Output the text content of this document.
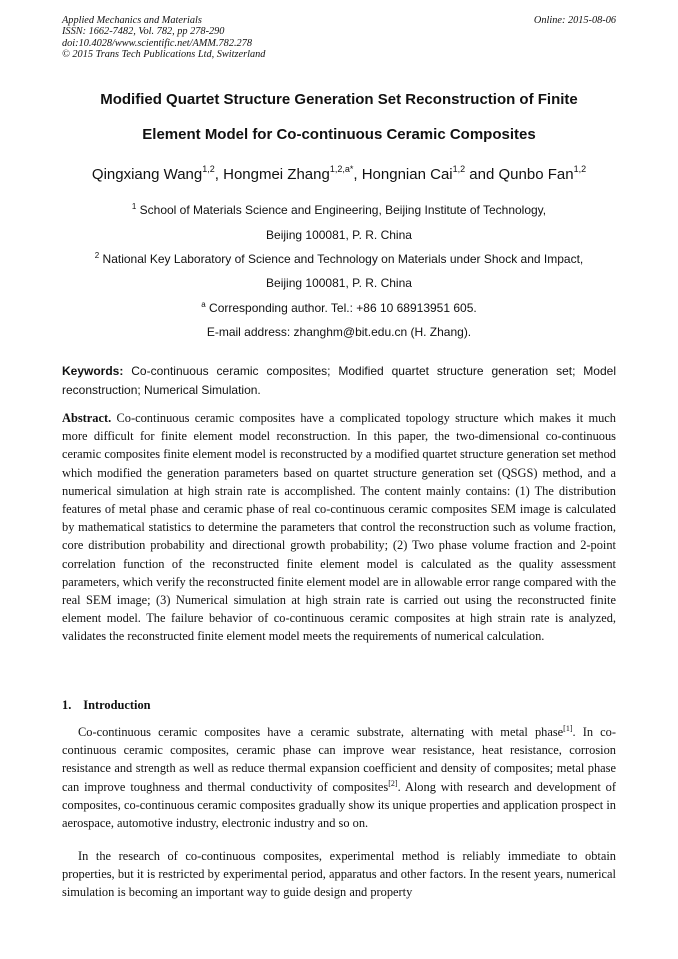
Applied Mechanics and Materials
ISSN: 1662-7482, Vol. 782, pp 278-290
doi:10.4028/www.scientific.net/AMM.782.278
© 2015 Trans Tech Publications Ltd, Switzerland
Online: 2015-08-06
Modified Quartet Structure Generation Set Reconstruction of Finite
Element Model for Co-continuous Ceramic Composites
Qingxiang Wang$^{1,2}$, Hongmei Zhang$^{1,2,a*}$, Hongnian Cai$^{1,2}$ and Qunbo Fan$^{1,2}$
$^1$ School of Materials Science and Engineering, Beijing Institute of Technology,
Beijing 100081, P. R. China
$^2$ National Key Laboratory of Science and Technology on Materials under Shock and Impact,
Beijing 100081, P. R. China
$^a$ Corresponding author. Tel.: +86 10 68913951 605.
E-mail address: zhanghm@bit.edu.cn (H. Zhang).
Keywords: Co-continuous ceramic composites; Modified quartet structure generation set; Model reconstruction; Numerical Simulation.
Abstract. Co-continuous ceramic composites have a complicated topology structure which makes it much more difficult for finite element model reconstruction. In this paper, the two-dimensional co-continuous ceramic composites finite element model is reconstructed by a modified quartet structure generation set method which modified the generation parameters based on quartet structure generation set (QSGS) method, and a numerical simulation at high strain rate is accomplished. The content mainly contains: (1) The distribution features of metal phase and ceramic phase of real co-continuous ceramic composites SEM image is calculated by mathematical statistics to determine the parameters that control the reconstruction such as volume fraction, core distribution probability and directional growth probability; (2) Two phase volume fraction and 2-point correlation function of the reconstructed finite element model is calculated as the quality assessment parameters, which verify the reconstructed finite element model are in allowable error range compared with the real SEM image; (3) Numerical simulation at high strain rate is carried out using the reconstructed finite element model. The failure behavior of co-continuous ceramic composites at high strain rate is analyzed, validates the reconstructed finite element model meets the requirements of numerical calculation.
1. Introduction
Co-continuous ceramic composites have a ceramic substrate, alternating with metal phase[1]. In co-continuous ceramic composites, ceramic phase can improve wear resistance, heat resistance, corrosion resistance and strength as well as reduce thermal expansion coefficient and density of composites; metal phase can improve toughness and thermal conductivity of composites[2]. Along with research and development of composites, co-continuous ceramic composites gradually show its unique properties and application prospect in aerospace, automotive industry, electronic industry and so on.
In the research of co-continuous composites, experimental method is reliably immediate to obtain properties, but it is restricted by experimental period, apparatus and other factors. In the resent years, numerical simulation is becoming an important way to guide design and property
